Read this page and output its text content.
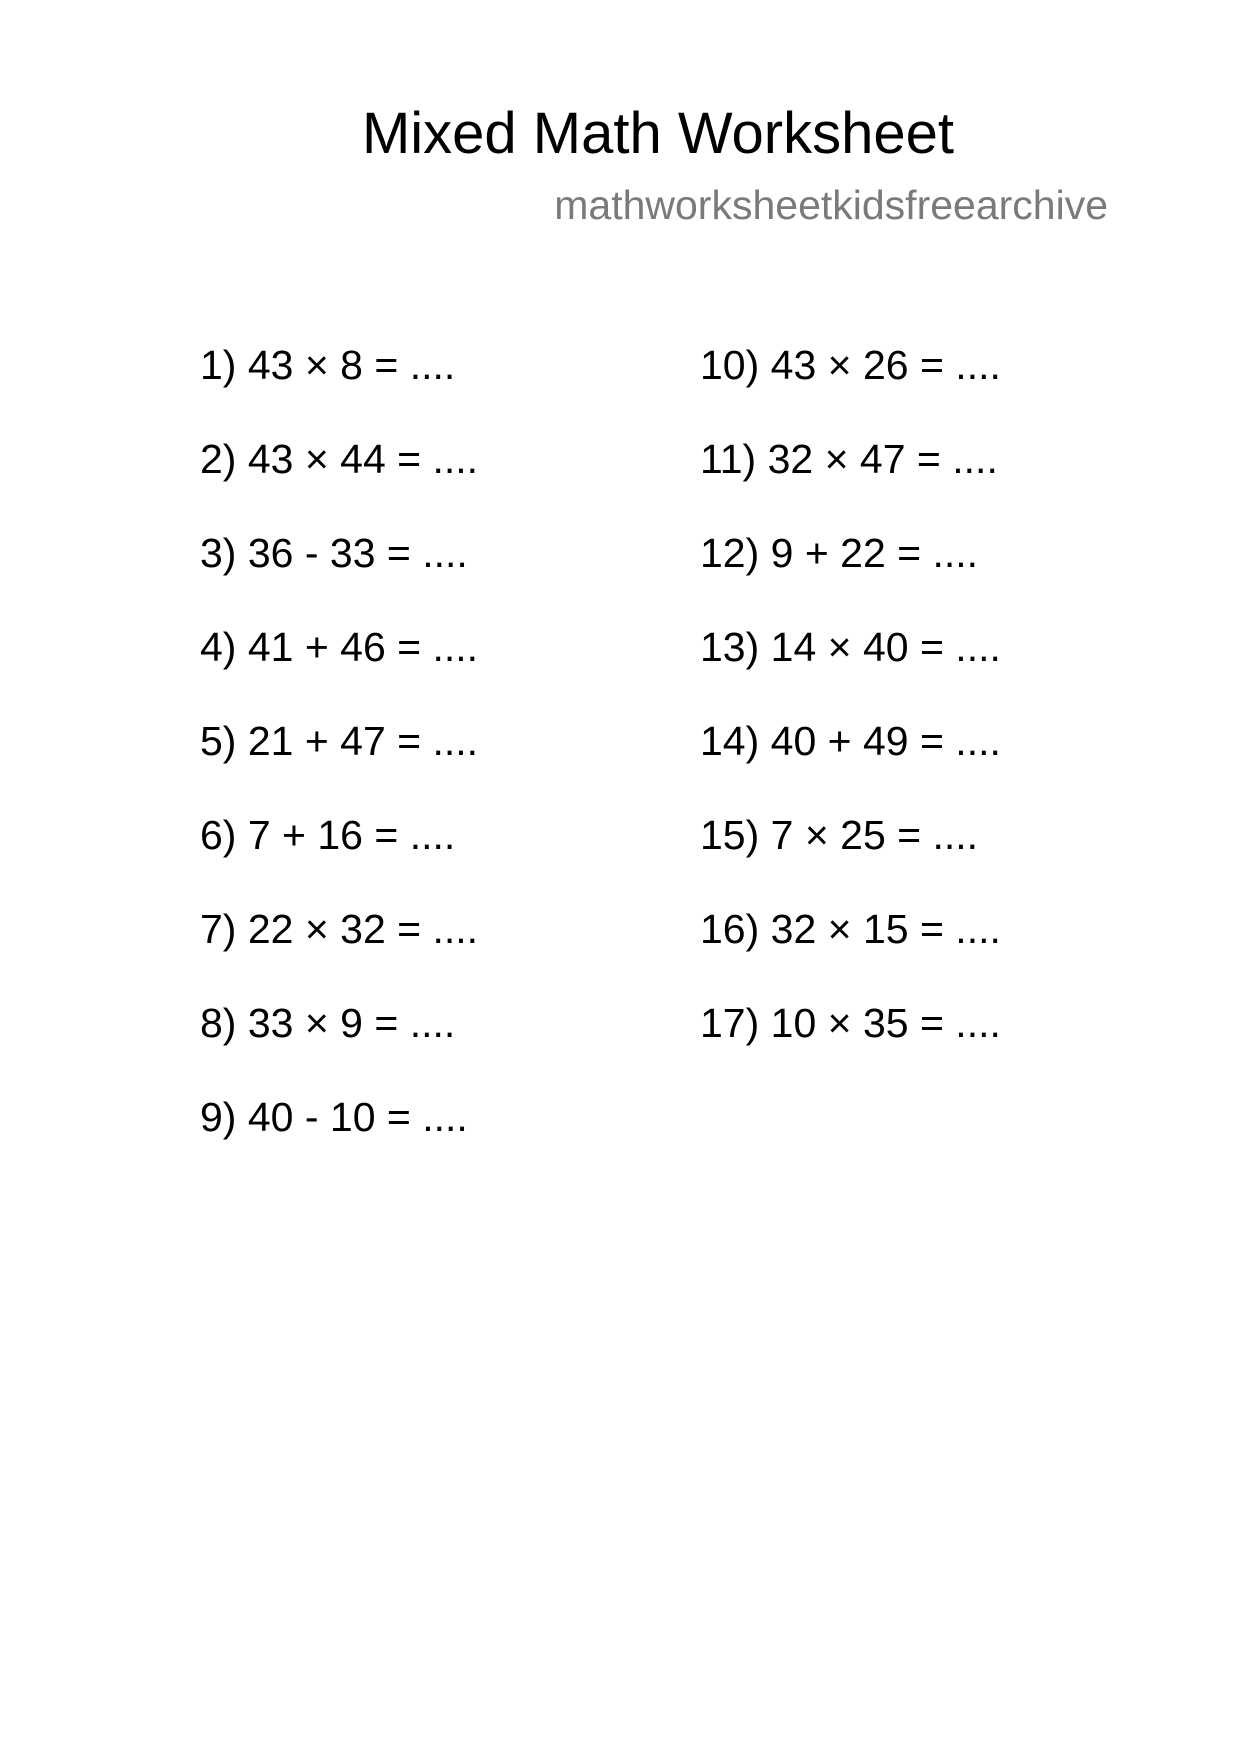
Mixed Math Worksheet
mathworksheetkidsfreearchive
1) 43 × 8 = ....
2) 43 × 44 = ....
3) 36 - 33 = ....
4) 41 + 46 = ....
5) 21 + 47 = ....
6) 7 + 16 = ....
7) 22 × 32 = ....
8) 33 × 9 = ....
9) 40 - 10 = ....
10) 43 × 26 = ....
11) 32 × 47 = ....
12) 9 + 22 = ....
13) 14 × 40 = ....
14) 40 + 49 = ....
15) 7 × 25 = ....
16) 32 × 15 = ....
17) 10 × 35 = ....
